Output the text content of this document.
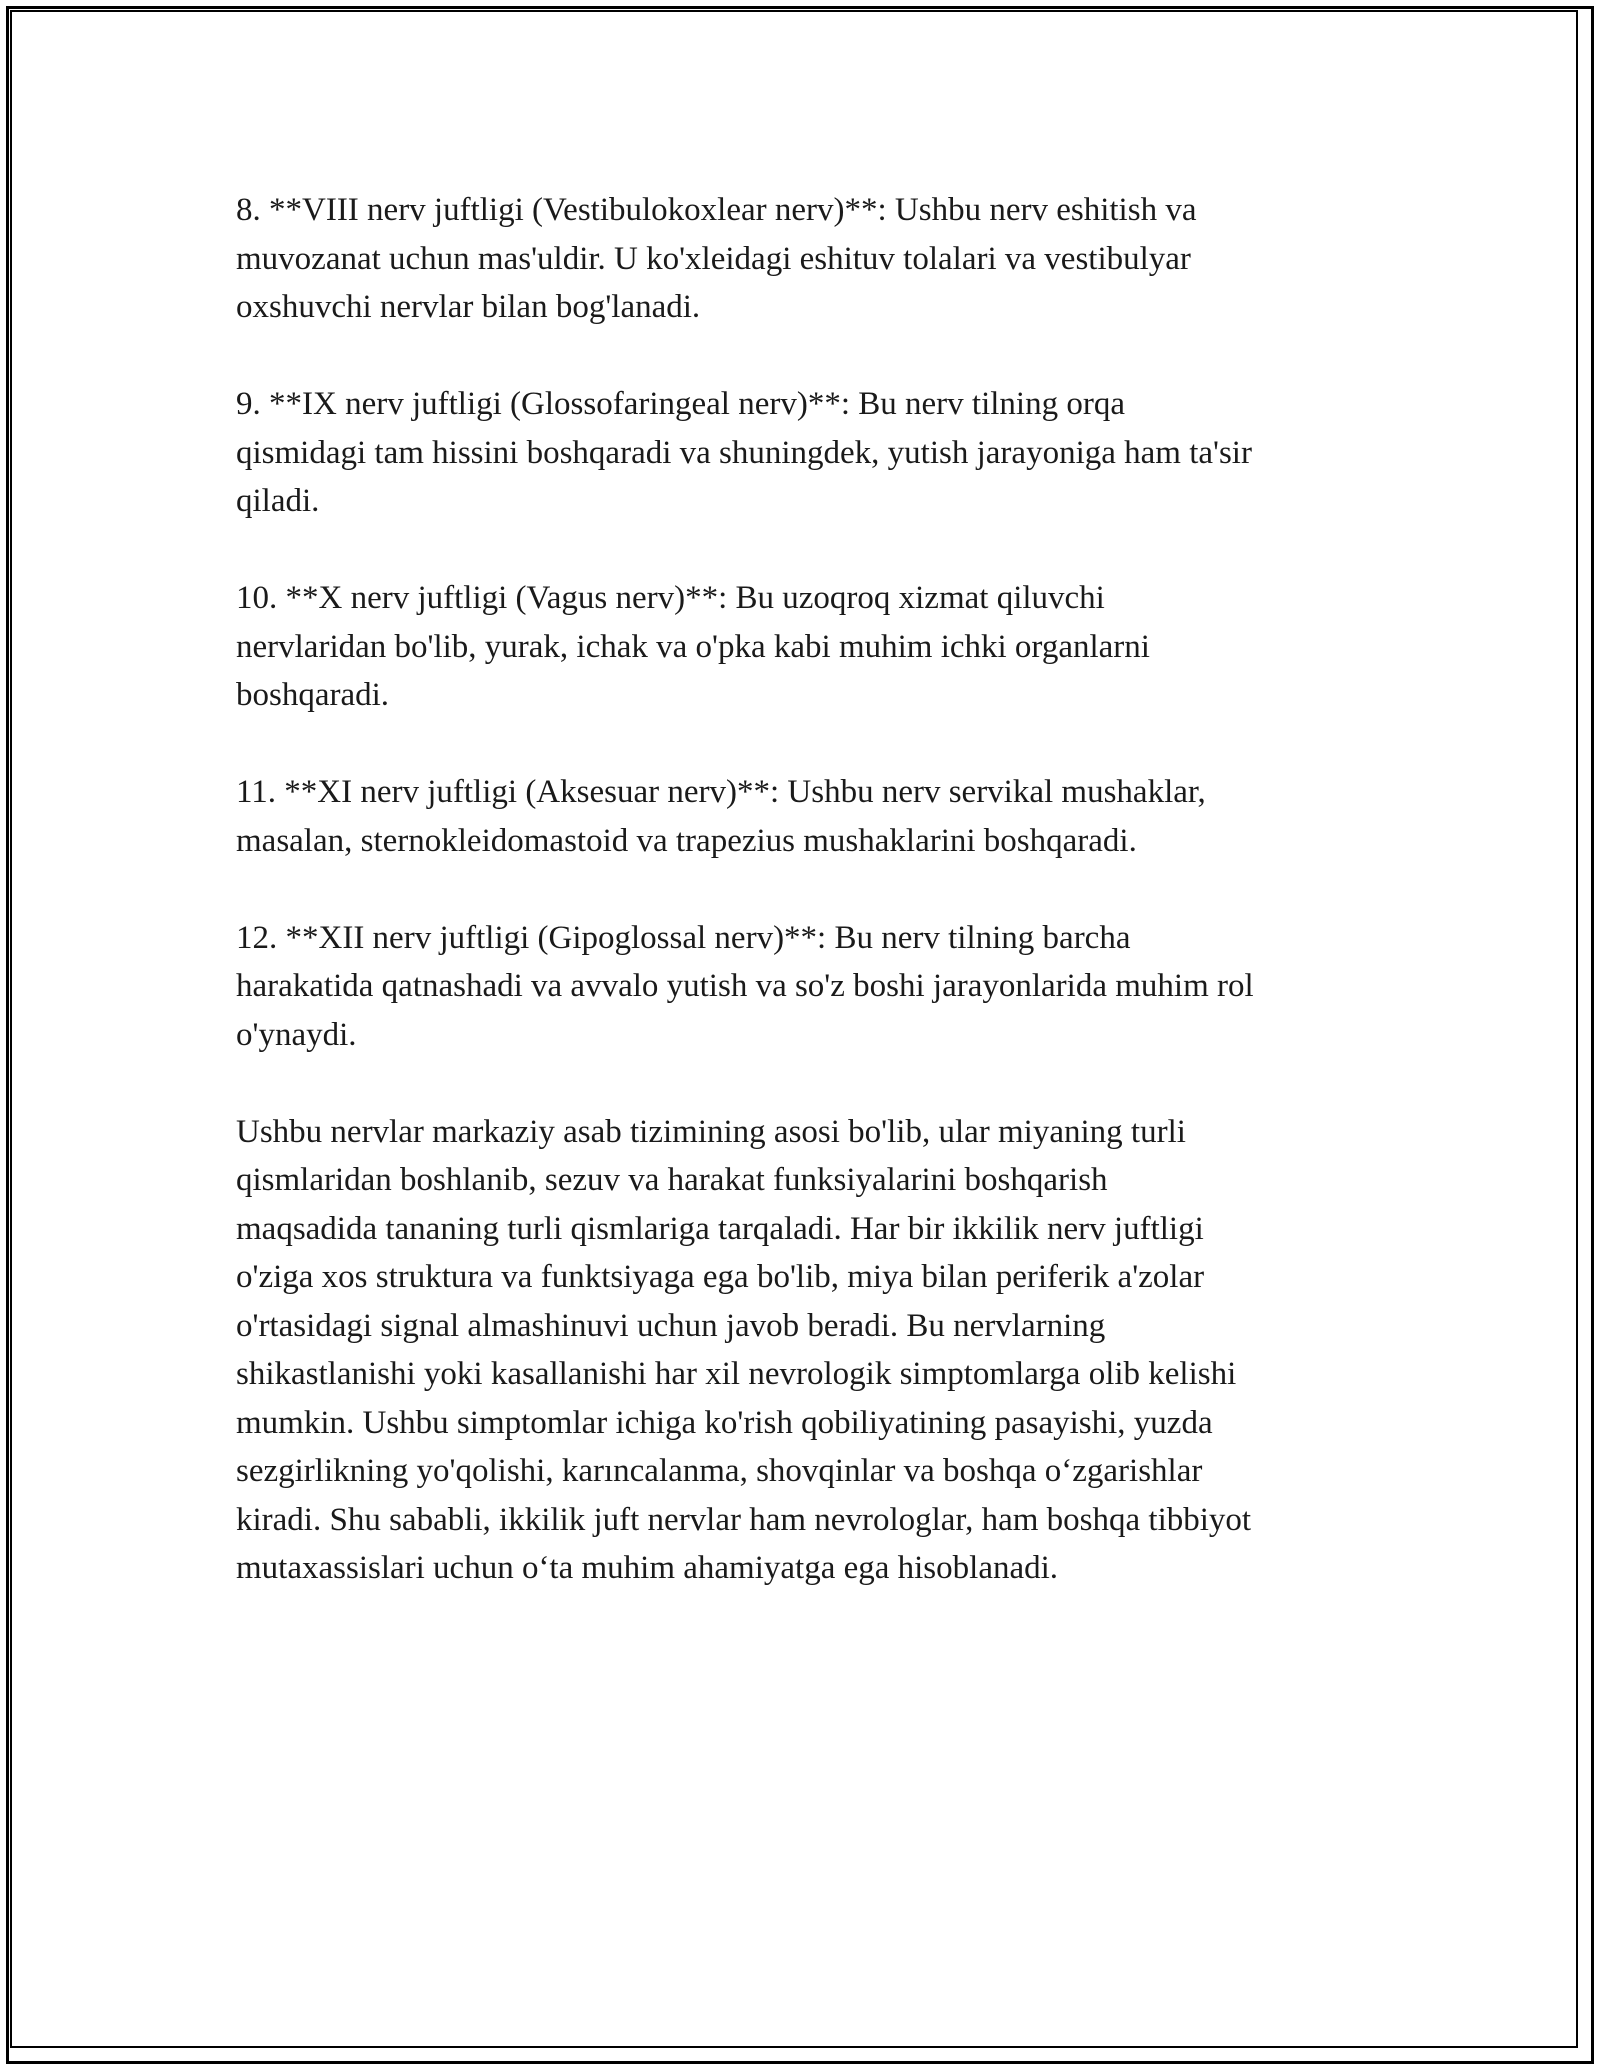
8. **VIII nerv juftligi (Vestibulokoxlear nerv)**: Ushbu nerv eshitish va
muvozanat uchun mas'uldir. U ko'xleidagi eshituv tolalari va vestibulyar
oxshuvchi nervlar bilan bog'lanadi.

9. **IX nerv juftligi (Glossofaringeal nerv)**: Bu nerv tilning orqa
qismidagi tam hissini boshqaradi va shuningdek, yutish jarayoniga ham ta'sir
qiladi.

10. **X nerv juftligi (Vagus nerv)**: Bu uzoqroq xizmat qiluvchi
nervlaridan bo'lib, yurak, ichak va o'pka kabi muhim ichki organlarni
boshqaradi.

11. **XI nerv juftligi (Aksesuar nerv)**: Ushbu nerv servikal mushaklar,
masalan, sternokleidomastoid va trapezius mushaklarini boshqaradi.

12. **XII nerv juftligi (Gipoglossal nerv)**: Bu nerv tilning barcha
harakatida qatnashadi va avvalo yutish va so'z boshi jarayonlarida muhim rol
o'ynaydi.

Ushbu nervlar markaziy asab tizimining asosi bo'lib, ular miyaning turli
qismlaridan boshlanib, sezuv va harakat funksiyalarini boshqarish
maqsadida tananing turli qismlariga tarqaladi. Har bir ikkilik nerv juftligi
o'ziga xos struktura va funktsiyaga ega bo'lib, miya bilan periferik a'zolar
o'rtasidagi signal almashinuvi uchun javob beradi. Bu nervlarning
shikastlanishi yoki kasallanishi har xil nevrologik simptomlarga olib kelishi
mumkin. Ushbu simptomlar ichiga ko'rish qobiliyatining pasayishi, yuzda
sezgirlikning yo'qolishi, karıncalanma, shovqinlar va boshqa o‘zgarishlar
kiradi. Shu sababli, ikkilik juft nervlar ham nevrologlar, ham boshqa tibbiyot
mutaxassislari uchun o‘ta muhim ahamiyatga ega hisoblanadi.
